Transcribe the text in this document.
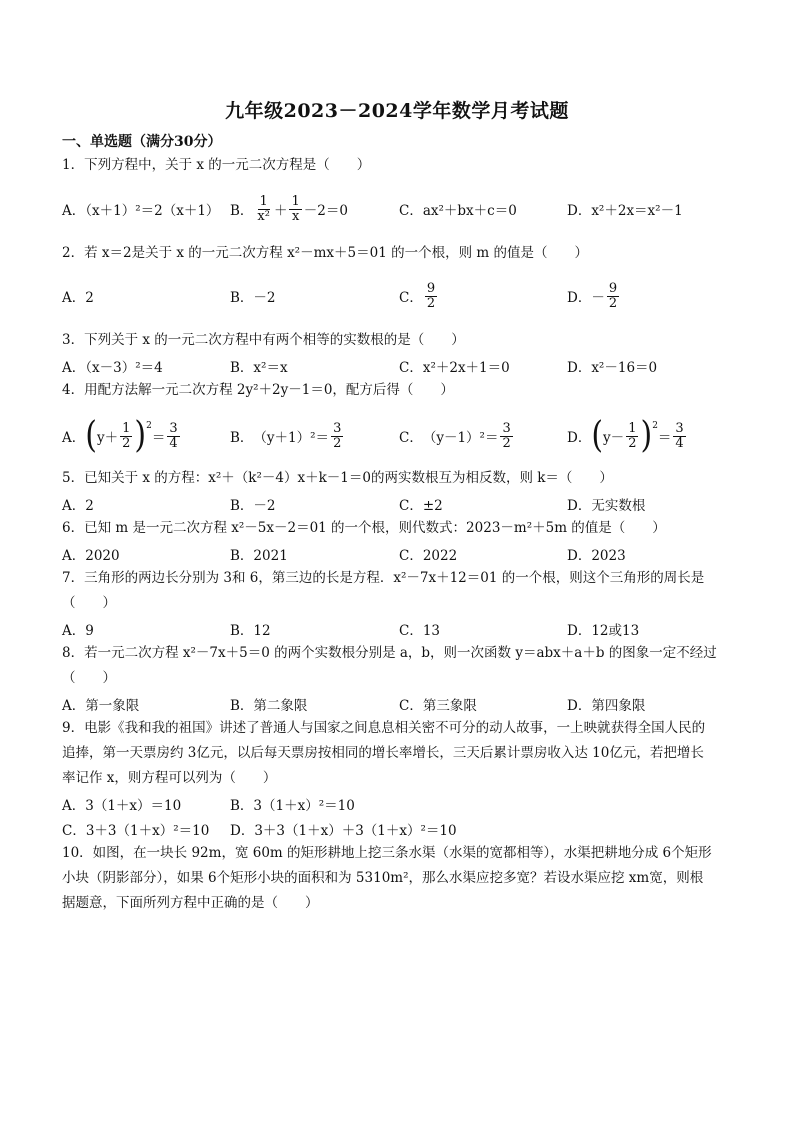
九年级2023－2024学年数学月考试题
一、单选题（满分30分）
1．下列方程中，关于 x 的一元二次方程是（　　）
A．（x＋1）²＝2（x＋1） B． $\frac{1}{\text{x²}} + \frac{1}{x} -2=0$	C．ax²＋bx＋c＝0	D．x²＋2x＝x²－1
2．若 x＝2是关于 x 的一元二次方程 x²－mx＋5＝01 的一个根，则 m 的值是（　　）
A．2	B．－2	C． $\frac{9}{2}$	D．－ $\frac{9}{2}$
3．下列关于 x 的一元二次方程中有两个相等的实数根的是（　　）
A．（x－3）²＝4	B．x²＝x	C．x²＋2x＋1＝0	D．x²－16＝0
4．用配方法解一元二次方程 2y²＋2y－1＝0，配方后得（　　）
A． ( $y+ \frac{1}{2} )^2$
＝ $\frac{3}{4}$	B． $(y+1)^2= \frac{3}{2}$	C． $(y-1)^2= \frac{3}{2}$	D． ( $y- \frac{1}{2} )^2$
＝ $\frac{3}{4}$
5．已知关于 x 的方程：x²＋（k²－4）x＋k－1＝0的两实数根互为相反数，则 k＝（　　）
A．2	B．－2	C．±2	D．无实数根
6．已知 m 是一元二次方程 x²－5x－2＝01 的一个根，则代数式：2023－m²＋5m 的值是（　　）
A．2020	B．2021	C．2022	D．2023
7．三角形的两边长分别为 3和 6，第三边的长是方程．x²－7x＋12＝01 的一个根，则这个三角形的周长是
（　　）
A．9	B．12	C．13	D．12或13
8．若一元二次方程 x²－7x＋5＝0 的两个实数根分别是 a，b，则一次函数 y＝abx＋a＋b 的图象一定不经过
（　　）
A．第一象限	B．第二象限	C．第三象限	D．第四象限
9．电影《我和我的祖国》讲述了普通人与国家之间息息相关密不可分的动人故事，一上映就获得全国人民的
追捧，第一天票房约 3亿元，以后每天票房按相同的增长率增长，三天后累计票房收入达 10亿元，若把增长
率记作 x，则方程可以列为（　　）
A．3（1＋x）＝10	B．3（1＋x）²＝10
C．3＋3（1＋x）²＝10 D．3＋3（1＋x）＋3（1＋x）²＝10
10．如图，在一块长 92m，宽 60m 的矩形耕地上挖三条水渠（水渠的宽都相等），水渠把耕地分成 6个矩形
小块（阴影部分），如果 6个矩形小块的面积和为 5310m²，那么水渠应挖多宽？若设水渠应挖 xm宽，则根
据题意，下面所列方程中正确的是（　　）
